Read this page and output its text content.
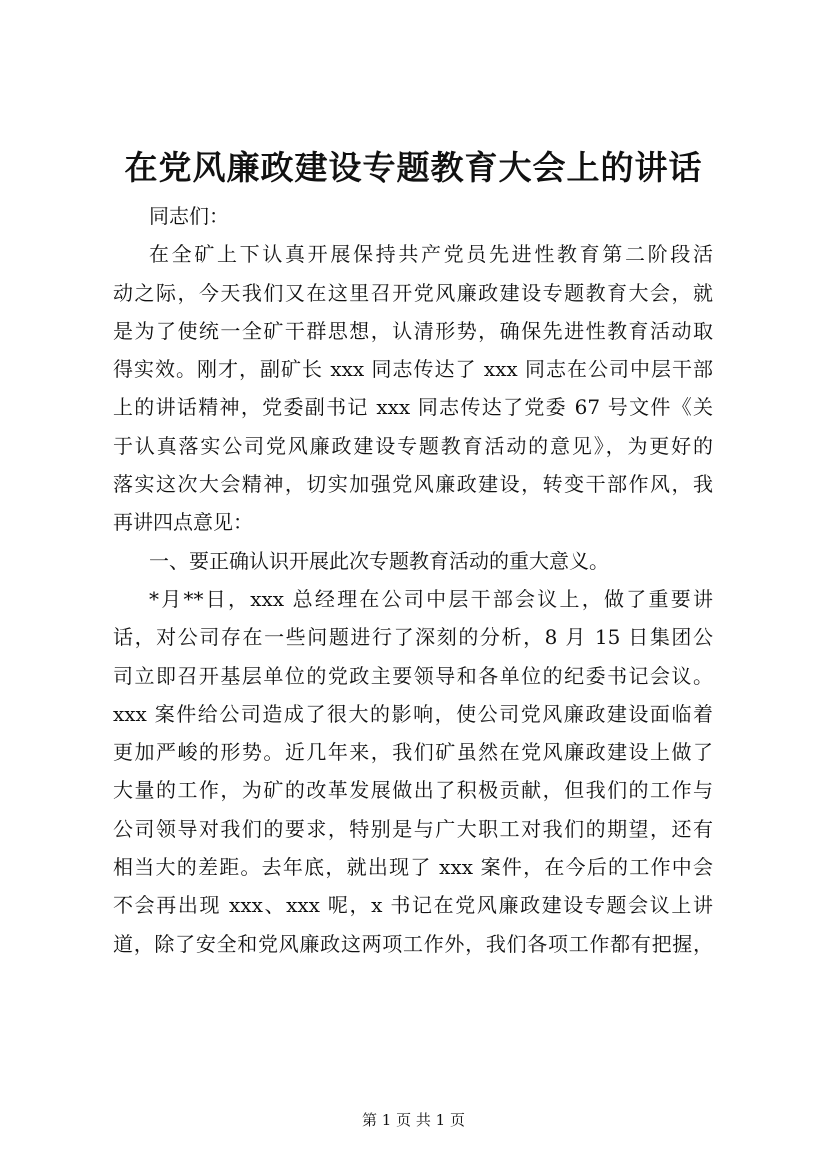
在党风廉政建设专题教育大会上的讲话
同志们：
在全矿上下认真开展保持共产党员先进性教育第二阶段活
动之际，今天我们又在这里召开党风廉政建设专题教育大会，就
是为了使统一全矿干群思想，认清形势，确保先进性教育活动取
得实效。刚才，副矿长 xxx 同志传达了 xxx 同志在公司中层干部
上的讲话精神，党委副书记 xxx 同志传达了党委 67 号文件《关
于认真落实公司党风廉政建设专题教育活动的意见》，为更好的
落实这次大会精神，切实加强党风廉政建设，转变干部作风，我
再讲四点意见：
一、要正确认识开展此次专题教育活动的重大意义。
*月**日，xxx 总经理在公司中层干部会议上，做了重要讲
话，对公司存在一些问题进行了深刻的分析，8 月 15 日集团公
司立即召开基层单位的党政主要领导和各单位的纪委书记会议。
xxx 案件给公司造成了很大的影响，使公司党风廉政建设面临着
更加严峻的形势。近几年来，我们矿虽然在党风廉政建设上做了
大量的工作，为矿的改革发展做出了积极贡献，但我们的工作与
公司领导对我们的要求，特别是与广大职工对我们的期望，还有
相当大的差距。去年底，就出现了 xxx 案件，在今后的工作中会
不会再出现 xxx、xxx 呢，x 书记在党风廉政建设专题会议上讲
道，除了安全和党风廉政这两项工作外，我们各项工作都有把握，
第 1 页 共 1 页
